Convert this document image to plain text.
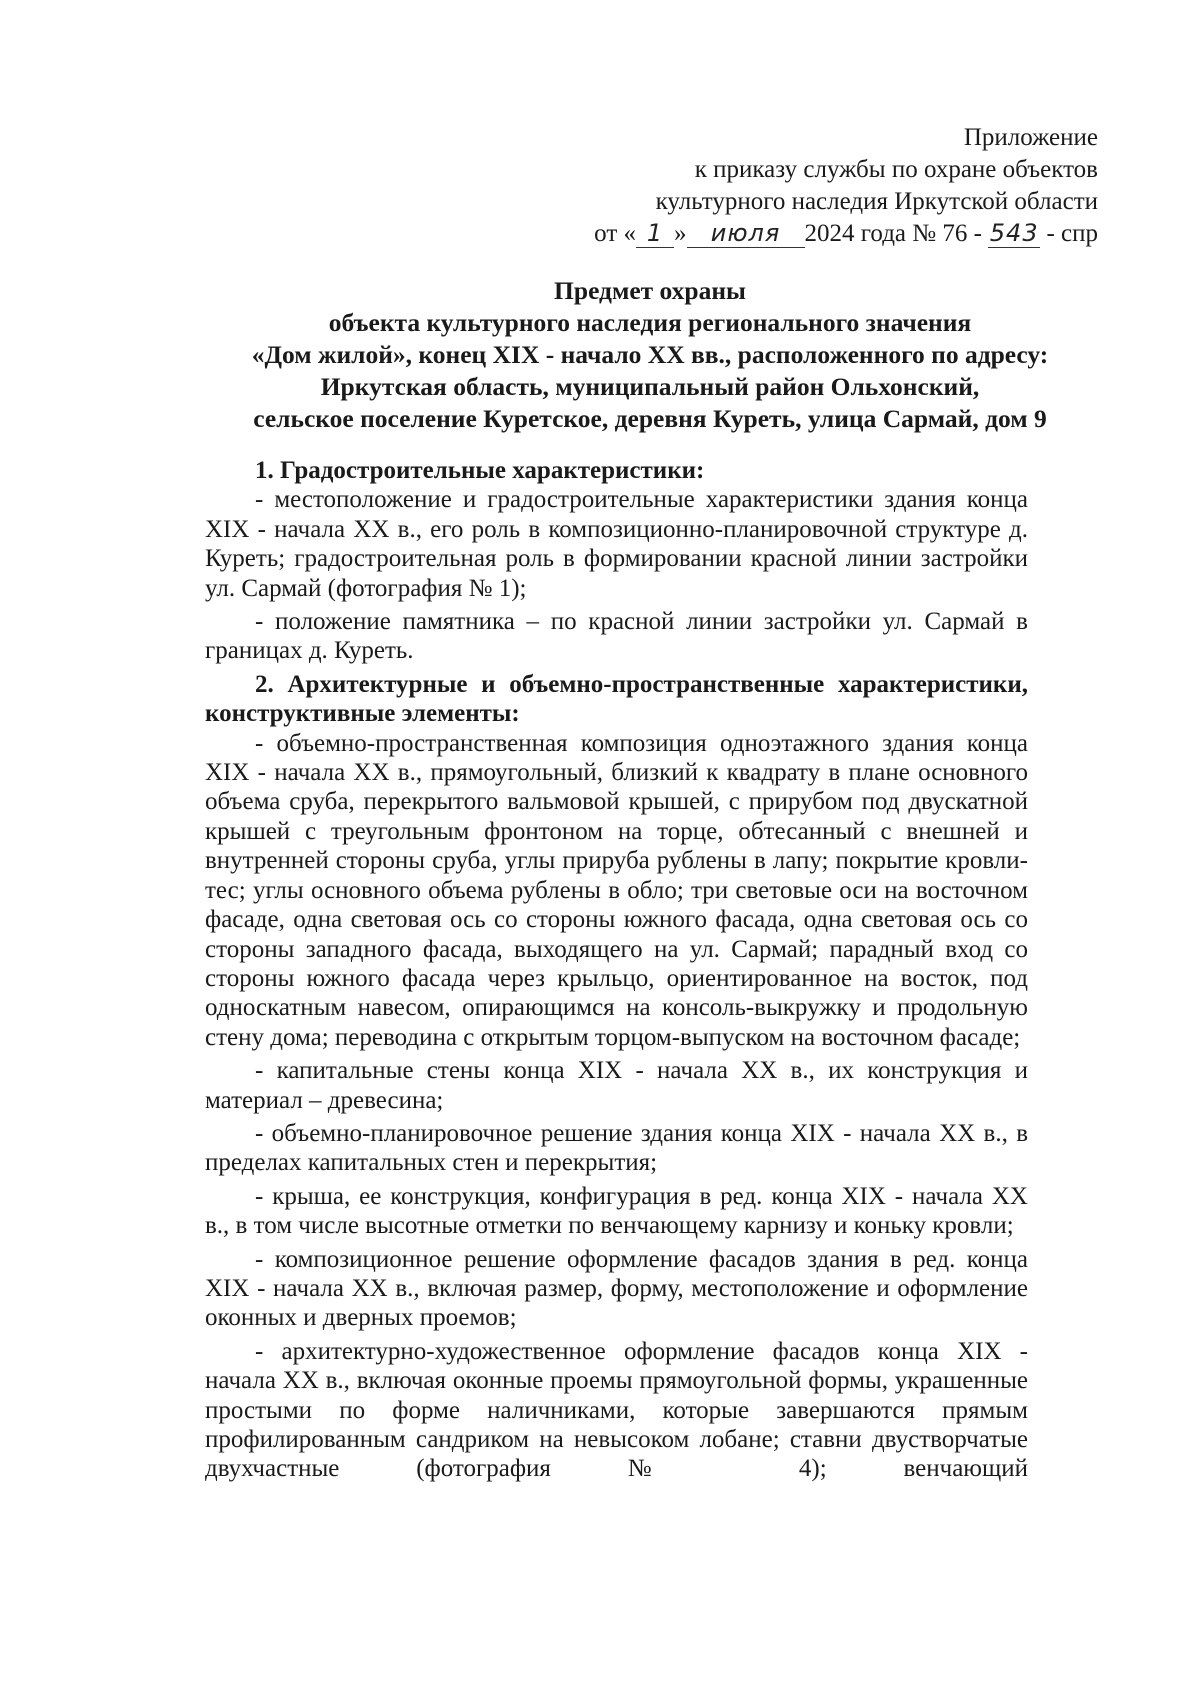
Приложение
к приказу службы по охране объектов
культурного наследия Иркутской области
от « 1 » июля 2024 года № 76 - 543 - спр
Предмет охраны
объекта культурного наследия регионального значения
«Дом жилой», конец XIX - начало XX вв., расположенного по адресу:
Иркутская область, муниципальный район Ольхонский,
сельское поселение Куретское, деревня Куреть, улица Сармай, дом 9
1. Градостроительные характеристики:

- местоположение и градостроительные характеристики здания конца XIX - начала XX в., его роль в композиционно-планировочной структуре д. Куреть; градостроительная роль в формировании красной линии застройки ул. Сармай (фотография № 1);

- положение памятника – по красной линии застройки ул. Сармай в границах д. Куреть.

2. Архитектурные и объемно-пространственные характеристики, конструктивные элементы:

- объемно-пространственная композиция одноэтажного здания конца XIX - начала XX в., прямоугольный, близкий к квадрату в плане основного объема сруба, перекрытого вальмовой крышей, с прирубом под двускатной крышей с треугольным фронтоном на торце, обтесанный с внешней и внутренней стороны сруба, углы прируба рублены в лапу; покрытие кровли- тес; углы основного объема рублены в обло; три световые оси на восточном фасаде, одна световая ось со стороны южного фасада, одна световая ось со стороны западного фасада, выходящего на ул. Сармай; парадный вход со стороны южного фасада через крыльцо, ориентированное на восток, под односкатным навесом, опирающимся на консоль-выкружку и продольную стену дома; переводина с открытым торцом-выпуском на восточном фасаде;

- капитальные стены конца XIX - начала XX в., их конструкция и материал – древесина;

- объемно-планировочное решение здания конца XIX - начала XX в., в пределах капитальных стен и перекрытия;

- крыша, ее конструкция, конфигурация в ред. конца XIX - начала XX в., в том числе высотные отметки по венчающему карнизу и коньку кровли;

- композиционное решение оформление фасадов здания в ред. конца XIX - начала XX в., включая размер, форму, местоположение и оформление оконных и дверных проемов;

- архитектурно-художественное оформление фасадов конца XIX - начала XX в., включая оконные проемы прямоугольной формы, украшенные простыми по форме наличниками, которые завершаются прямым профилированным сандриком на невысоком лобане; ставни двустворчатые двухчастные (фотография № 4); венчающий
